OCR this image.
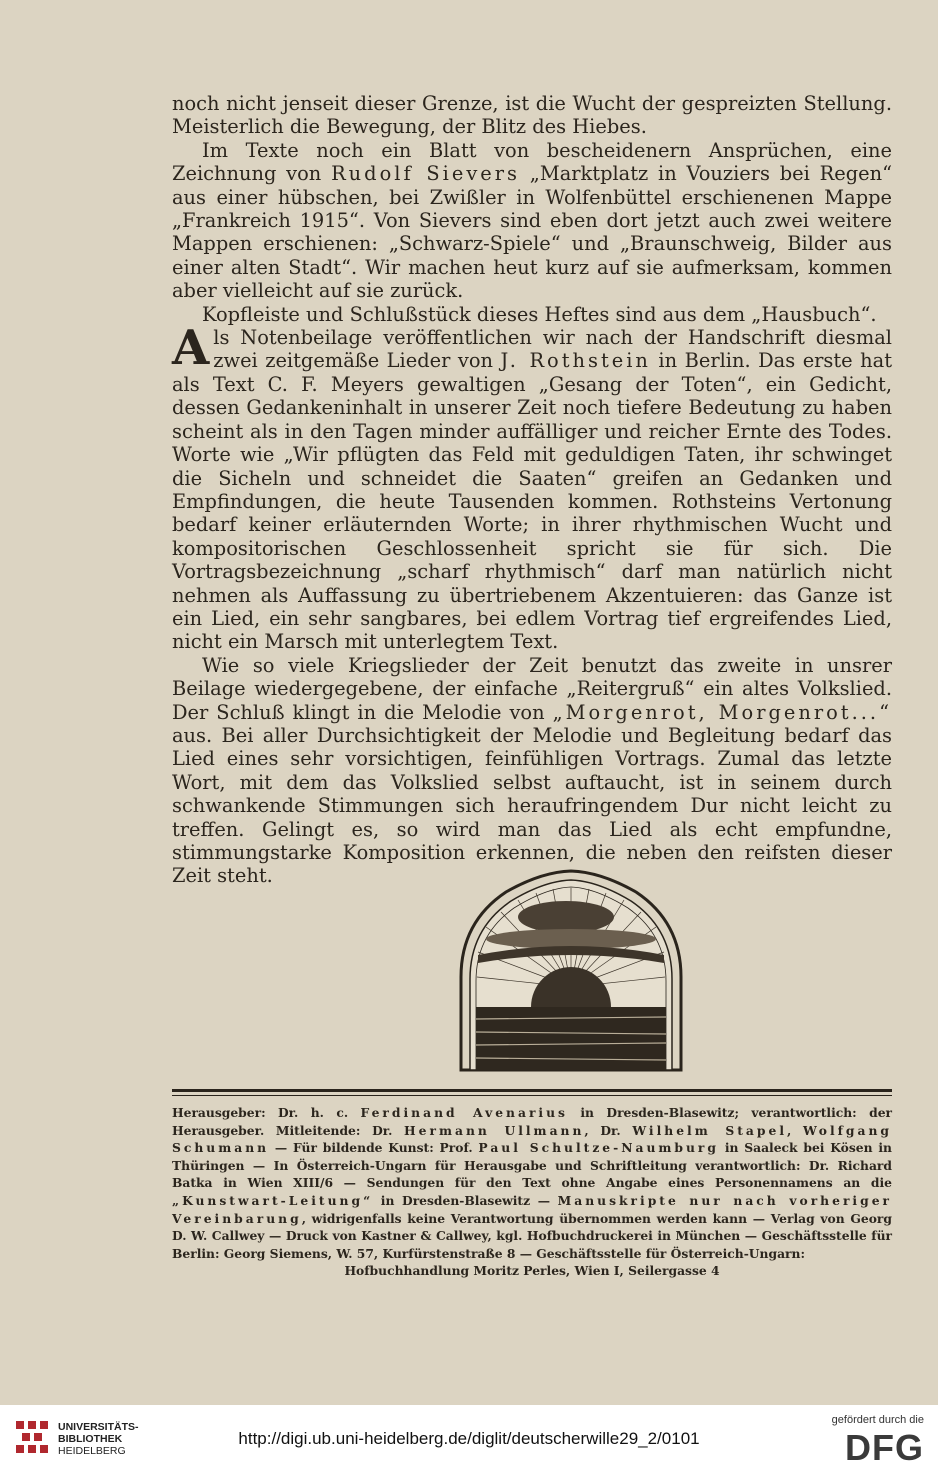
noch nicht jenseit dieser Grenze, ist die Wucht der gespreizten Stellung. Meisterlich die Bewegung, der Blitz des Hiebes.

Im Texte noch ein Blatt von bescheidenern Ansprüchen, eine Zeichnung von Rudolf Sievers „Marktplatz in Vouziers bei Regen“ aus einer hübschen, bei Zwißler in Wolfenbüttel erschienenen Mappe „Frankreich 1915“. Von Sievers sind eben dort jetzt auch zwei weitere Mappen erschienen: „Schwarz-Spiele“ und „Braunschweig, Bilder aus einer alten Stadt“. Wir machen heut kurz auf sie aufmerksam, kommen aber vielleicht auf sie zurück.

Kopfleiste und Schlußstück dieses Heftes sind aus dem „Hausbuch“.

Als Notenbeilage veröffentlichen wir nach der Handschrift diesmal zwei zeitgemäße Lieder von J. Rothstein in Berlin. Das erste hat als Text C. F. Meyers gewaltigen „Gesang der Toten“, ein Gedicht, dessen Gedankeninhalt in unserer Zeit noch tiefere Bedeutung zu haben scheint als in den Tagen minder auffälliger und reicher Ernte des Todes. Worte wie „Wir pflügten das Feld mit geduldigen Taten, ihr schwinget die Sicheln und schneidet die Saaten“ greifen an Gedanken und Empfindungen, die heute Tausenden kommen. Rothsteins Vertonung bedarf keiner erläuternden Worte; in ihrer rhythmischen Wucht und kompositorischen Geschlossenheit spricht sie für sich. Die Vortragsbezeichnung „scharf rhythmisch“ darf man natürlich nicht nehmen als Auffassung zu übertriebenem Akzentuieren: das Ganze ist ein Lied, ein sehr sangbares, bei edlem Vortrag tief ergreifendes Lied, nicht ein Marsch mit unterlegtem Text.

Wie so viele Kriegslieder der Zeit benutzt das zweite in unsrer Beilage wiedergegebene, der einfache „Reitergruß“ ein altes Volkslied. Der Schluß klingt in die Melodie von „Morgenrot, Morgenrot...“ aus. Bei aller Durchsichtigkeit der Melodie und Begleitung bedarf das Lied eines sehr vorsichtigen, feinfühligen Vortrags. Zumal das letzte Wort, mit dem das Volkslied selbst auftaucht, ist in seinem durch schwankende Stimmungen sich heraufringendem Dur nicht leicht zu treffen. Gelingt es, so wird man das Lied als echt empfundne, stimmungstarke Komposition erkennen, die neben den reifsten dieser Zeit steht.

Herausgeber: Dr. h. c. Ferdinand Avenarius in Dresden-Blasewitz; verantwortlich: der Herausgeber. Mitleitende: Dr. Hermann Ullmann, Dr. Wilhelm Stapel, Wolfgang Schumann — Für bildende Kunst: Prof. Paul Schultze-Naumburg in Saaleck bei Kösen in Thüringen — In Österreich-Ungarn für Herausgabe und Schriftleitung verantwortlich: Dr. Richard Batka in Wien XIII/6 — Sendungen für den Text ohne Angabe eines Personennamens an die „Kunstwart-Leitung“ in Dresden-Blasewitz — Manuskripte nur nach vorheriger Vereinbarung, widrigenfalls keine Verantwortung übernommen werden kann — Verlag von Georg D. W. Callwey — Druck von Kastner & Callwey, kgl. Hofbuchdruckerei in München — Geschäftsstelle für Berlin: Georg Siemens, W. 57, Kurfürstenstraße 8 — Geschäftsstelle für Österreich-Ungarn:

Hofbuchhandlung Moritz Perles, Wien I, Seilergasse 4

UNIVERSITÄTS-
BIBLIOTHEK
HEIDELBERG
http://digi.ub.uni-heidelberg.de/diglit/deutscherwille29_2/0101
gefördert durch die
DFG
